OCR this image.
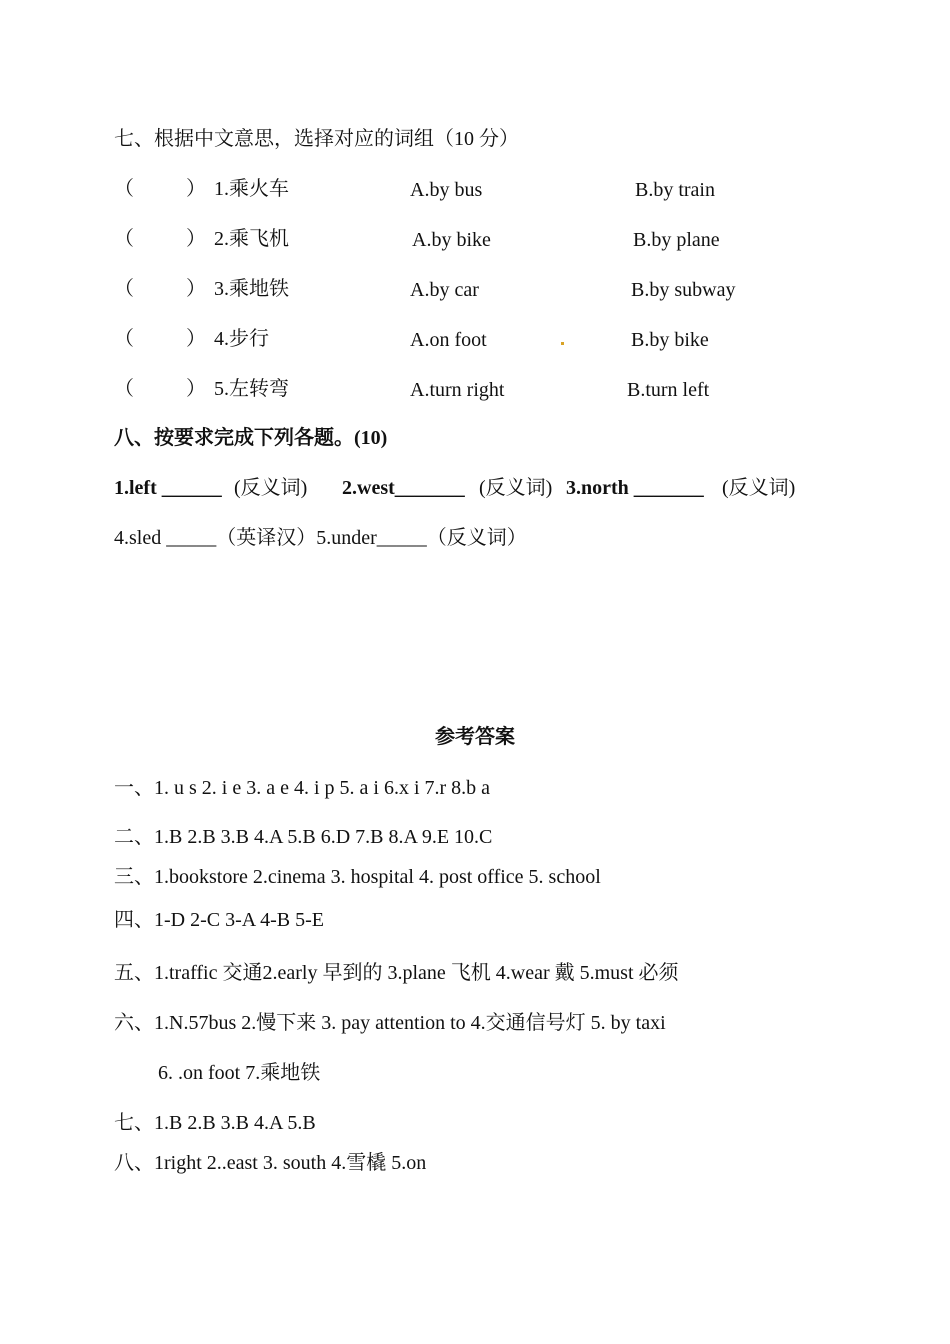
七、根据中文意思，选择对应的词组（10 分）
（	） 1.乘火车	A.by bus	B.by train
（	） 2.乘飞机	A.by bike	B.by plane
（	） 3.乘地铁	A.by car	B.by subway
（	） 4.步行	A.on foot	B.by bike
（	） 5.左转弯	A.turn right	B.turn left
八、按要求完成下列各题。(10)
1.left ______ (反义词) 2.west_______ (反义词) 3.north _______ (反义词)
4.sled _____（英译汉）5.under_____（反义词）
参考答案
一、1. u s 2. i e 3. a e 4. i p 5. a i 6.x i 7.r 8.b a
二、1.B 2.B 3.B 4.A 5.B 6.D 7.B 8.A 9.E 10.C
三、1.bookstore 2.cinema 3. hospital 4. post office 5. school
四、1-D 2-C 3-A 4-B 5-E
五、1.traffic 交通2.early 早到的 3.plane 飞机 4.wear 戴 5.must 必须
六、1.N.57bus 2.慢下来 3. pay attention to 4.交通信号灯 5. by taxi
6. .on foot 7.乘地铁
七、1.B 2.B 3.B 4.A 5.B
八、1right 2..east 3. south 4.雪橇 5.on
